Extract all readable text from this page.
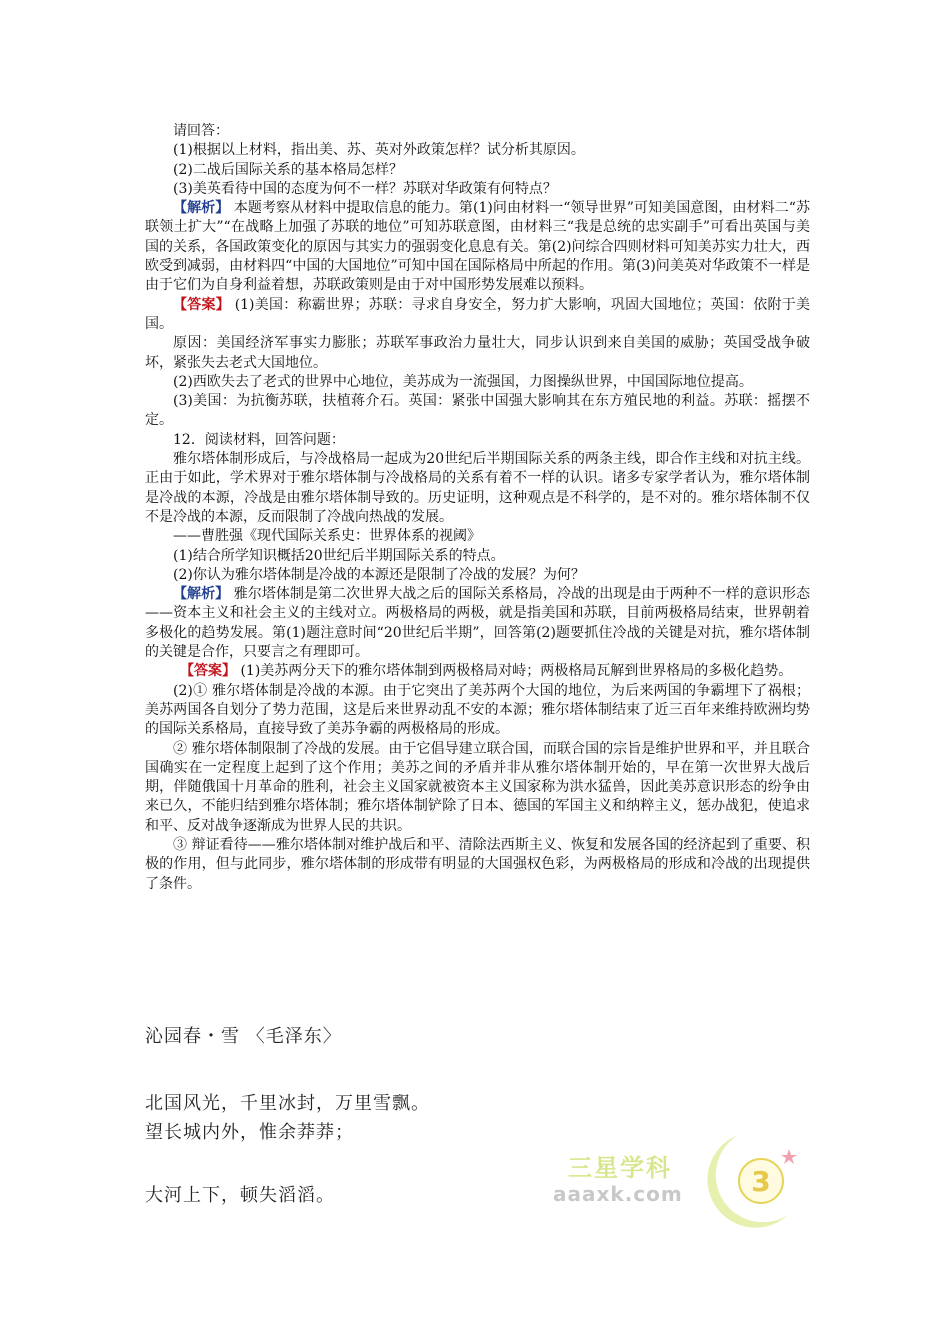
请回答：

(1)根据以上材料，指出美、苏、英对外政策怎样？试分析其原因。

(2)二战后国际关系的基本格局怎样？

(3)美英看待中国的态度为何不一样？苏联对华政策有何特点？

【解析】 本题考察从材料中提取信息的能力。第(1)问由材料一“领导世界”可知美国意图，由材料二“苏联领土扩大”“在战略上加强了苏联的地位”可知苏联意图，由材料三“我是总统的忠实副手”可看出英国与美国的关系，各国政策变化的原因与其实力的强弱变化息息有关。第(2)问综合四则材料可知美苏实力壮大，西欧受到减弱，由材料四“中国的大国地位”可知中国在国际格局中所起的作用。第(3)问美英对华政策不一样是由于它们为自身利益着想，苏联政策则是由于对中国形势发展难以预料。

【答案】 (1)美国：称霸世界；苏联：寻求自身安全，努力扩大影响，巩固大国地位；英国：依附于美国。

原因：美国经济军事实力膨胀；苏联军事政治力量壮大，同步认识到来自美国的威胁；英国受战争破坏，紧张失去老式大国地位。

(2)西欧失去了老式的世界中心地位，美苏成为一流强国，力图操纵世界，中国国际地位提高。

(3)美国：为抗衡苏联，扶植蒋介石。英国：紧张中国强大影响其在东方殖民地的利益。苏联：摇摆不定。

12．阅读材料，回答问题：

雅尔塔体制形成后，与冷战格局一起成为20世纪后半期国际关系的两条主线，即合作主线和对抗主线。正由于如此，学术界对于雅尔塔体制与冷战格局的关系有着不一样的认识。诸多专家学者认为，雅尔塔体制是冷战的本源，冷战是由雅尔塔体制导致的。历史证明，这种观点是不科学的，是不对的。雅尔塔体制不仅不是冷战的本源，反而限制了冷战向热战的发展。

——曹胜强《现代国际关系史：世界体系的视阈》

(1)结合所学知识概括20世纪后半期国际关系的特点。

(2)你认为雅尔塔体制是冷战的本源还是限制了冷战的发展？为何？

【解析】 雅尔塔体制是第二次世界大战之后的国际关系格局，冷战的出现是由于两种不一样的意识形态——资本主义和社会主义的主线对立。两极格局的两极，就是指美国和苏联，目前两极格局结束，世界朝着多极化的趋势发展。第(1)题注意时间“20世纪后半期”，回答第(2)题要抓住冷战的关键是对抗，雅尔塔体制的关键是合作，只要言之有理即可。

【答案】 (1)美苏两分天下的雅尔塔体制到两极格局对峙；两极格局瓦解到世界格局的多极化趋势。

(2)① 雅尔塔体制是冷战的本源。由于它突出了美苏两个大国的地位，为后来两国的争霸埋下了祸根；美苏两国各自划分了势力范围，这是后来世界动乱不安的本源；雅尔塔体制结束了近三百年来维持欧洲均势的国际关系格局，直接导致了美苏争霸的两极格局的形成。

② 雅尔塔体制限制了冷战的发展。由于它倡导建立联合国，而联合国的宗旨是维护世界和平，并且联合国确实在一定程度上起到了这个作用；美苏之间的矛盾并非从雅尔塔体制开始的，早在第一次世界大战后期，伴随俄国十月革命的胜利，社会主义国家就被资本主义国家称为洪水猛兽，因此美苏意识形态的纷争由来已久，不能归结到雅尔塔体制；雅尔塔体制铲除了日本、德国的军国主义和纳粹主义，惩办战犯，使追求和平、反对战争逐渐成为世界人民的共识。

③ 辩证看待——雅尔塔体制对维护战后和平、清除法西斯主义、恢复和发展各国的经济起到了重要、积极的作用，但与此同步，雅尔塔体制的形成带有明显的大国强权色彩，为两极格局的形成和冷战的出现提供了条件。

沁园春・雪 〈毛泽东〉
北国风光，千里冰封，万里雪飘。
望长城内外，惟余莽莽；
大河上下，顿失滔滔。
三星学科
aaaxk.com 3
